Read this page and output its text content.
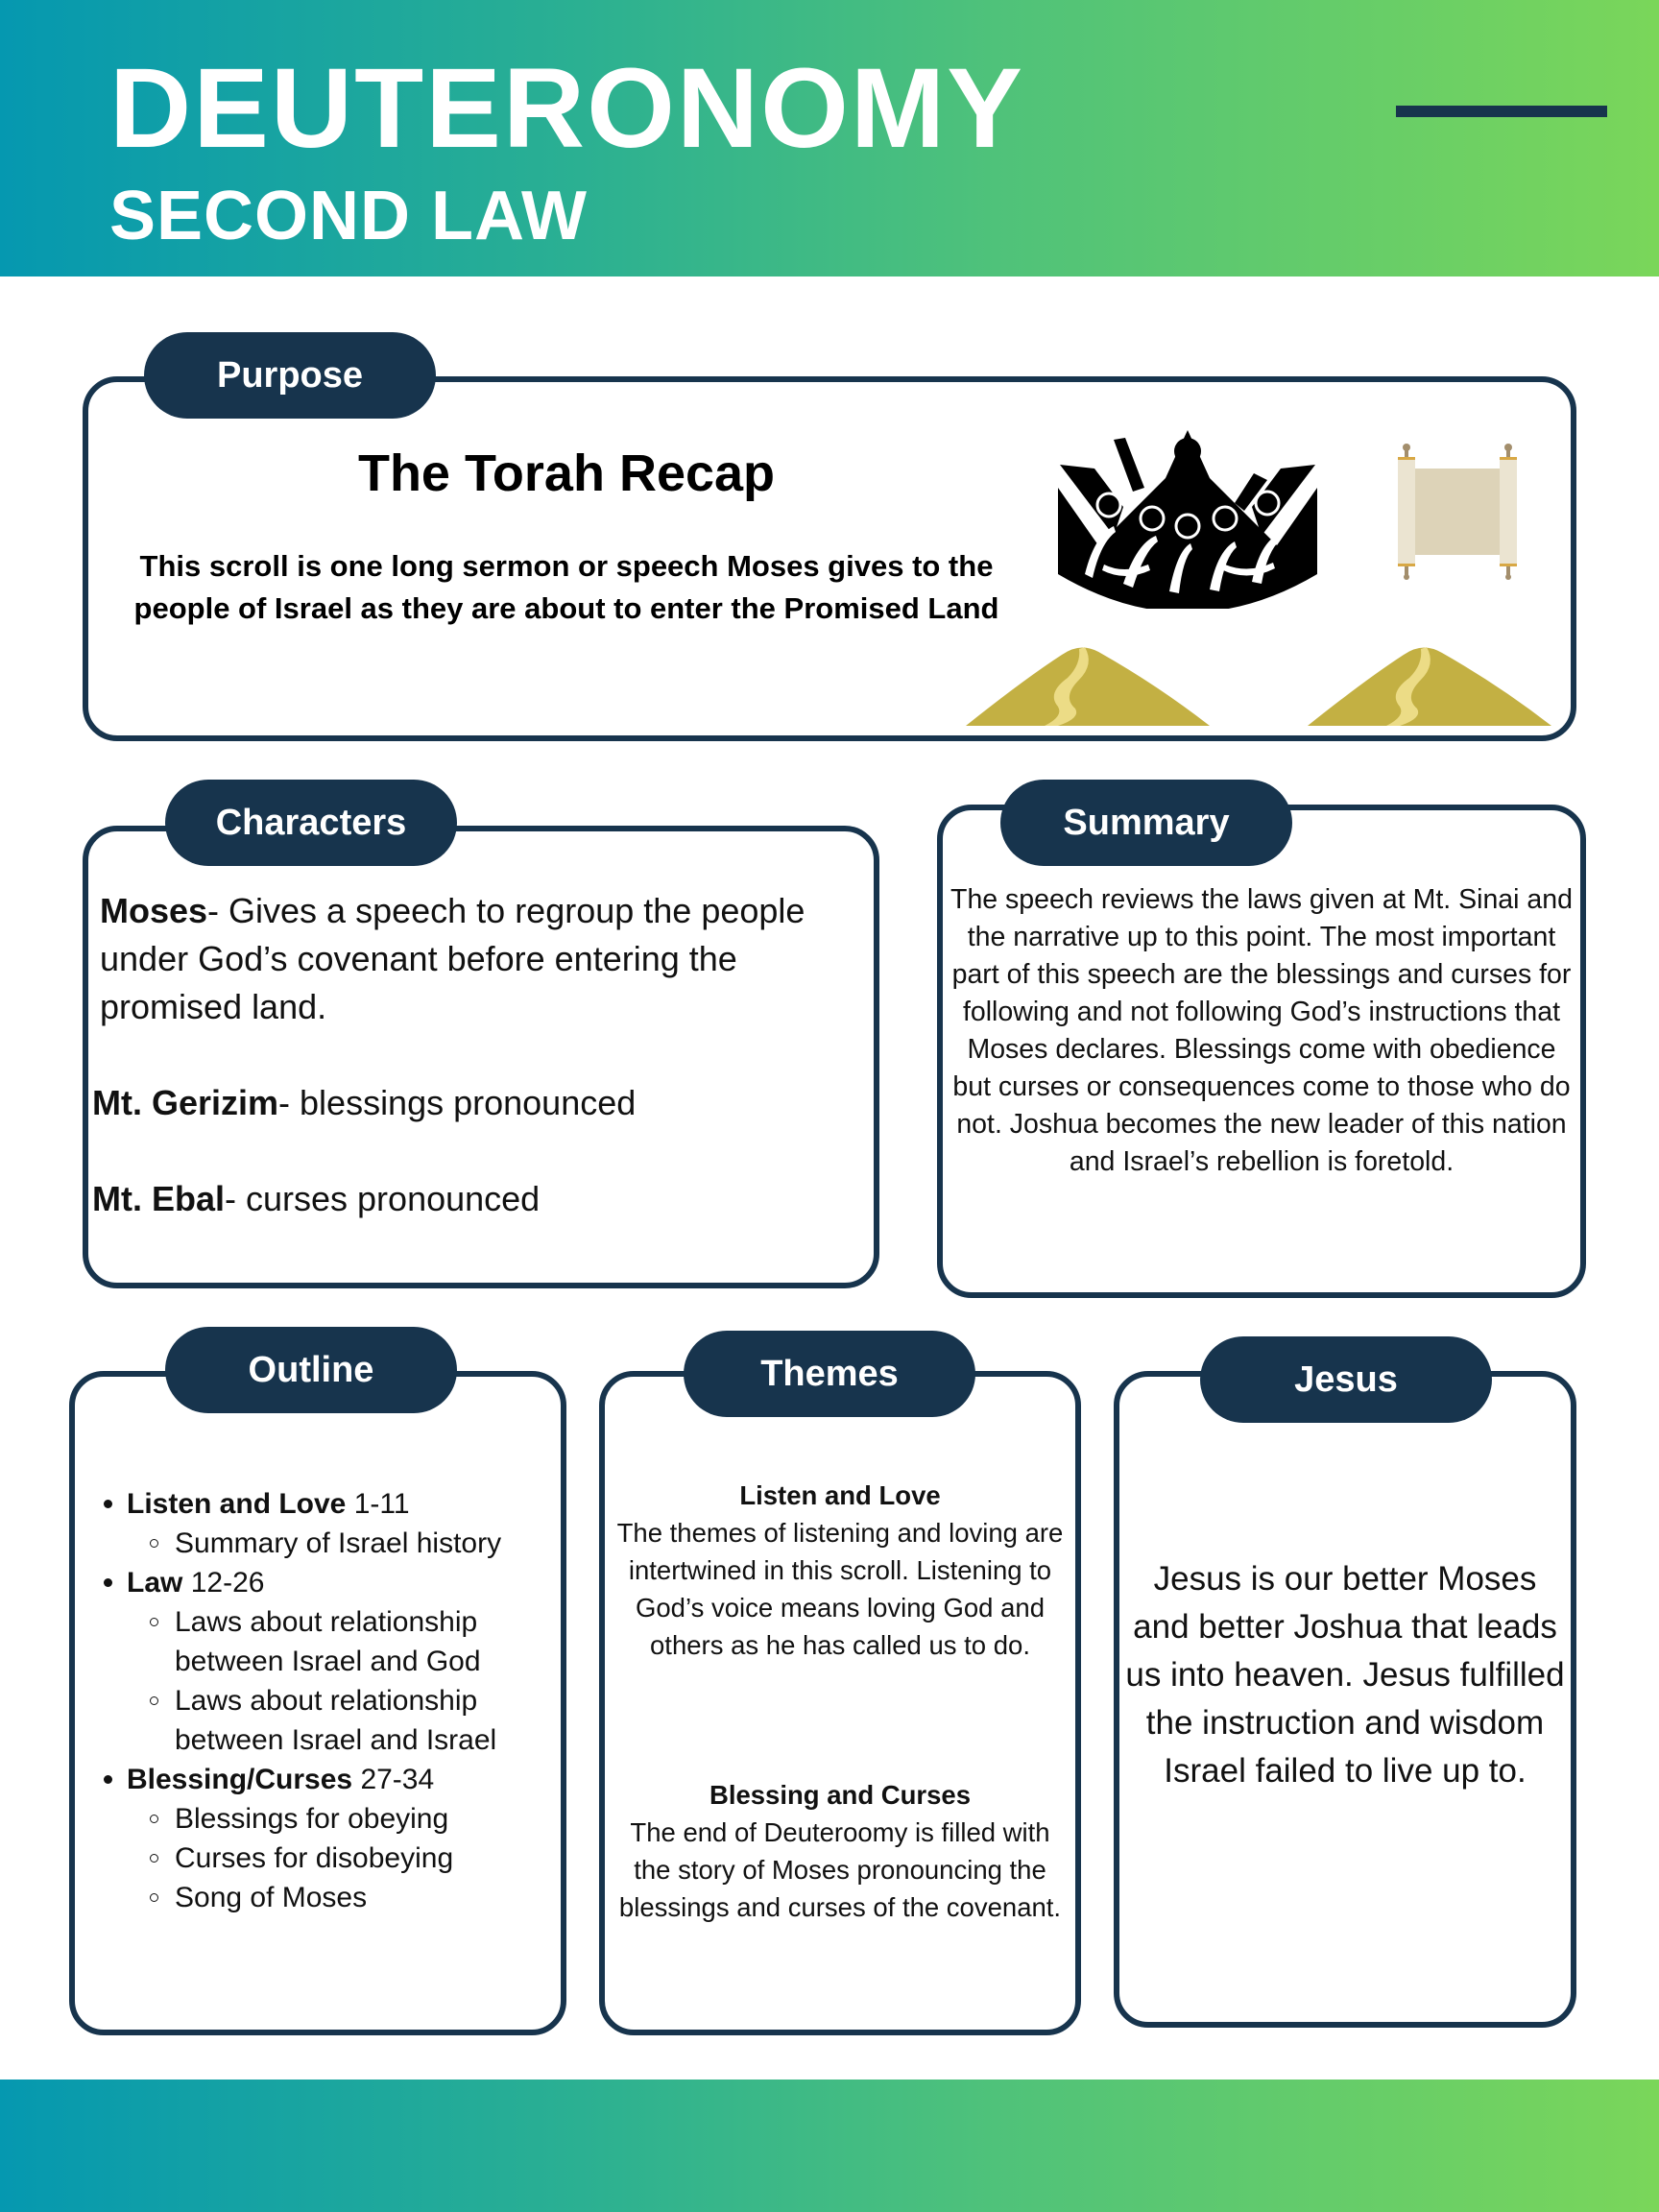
DEUTERONOMY
SECOND LAW
Purpose
The Torah Recap
This scroll is one long sermon or speech Moses gives to the people of Israel as they are about to enter the Promised Land
Characters
Moses- Gives a speech to regroup the people under God’s covenant before entering the promised land.
Mt. Gerizim- blessings pronounced
Mt. Ebal- curses pronounced
Summary
The speech reviews the laws given at Mt. Sinai and the narrative up to this point. The most important part of this speech are the blessings and curses for following and not following God’s instructions that Moses declares. Blessings come with obedience but curses or consequences come to those who do not. Joshua becomes the new leader of this nation and Israel’s rebellion is foretold.
Outline
Listen and Love 1-11
Summary of Israel history
Law 12-26
Laws about relationship between Israel and God
Laws about relationship between Israel and Israel
Blessing/Curses 27-34
Blessings for obeying
Curses for disobeying
Song of Moses
Themes
Listen and Love
The themes of listening and loving are intertwined in this scroll. Listening to God’s voice means loving God and others as he has called us to do.
Blessing and Curses
The end of Deuteroomy is filled with the story of Moses pronouncing the blessings and curses of the covenant.
Jesus
Jesus is our better Moses and better Joshua that leads us into heaven. Jesus fulfilled the instruction and wisdom Israel failed to live up to.
